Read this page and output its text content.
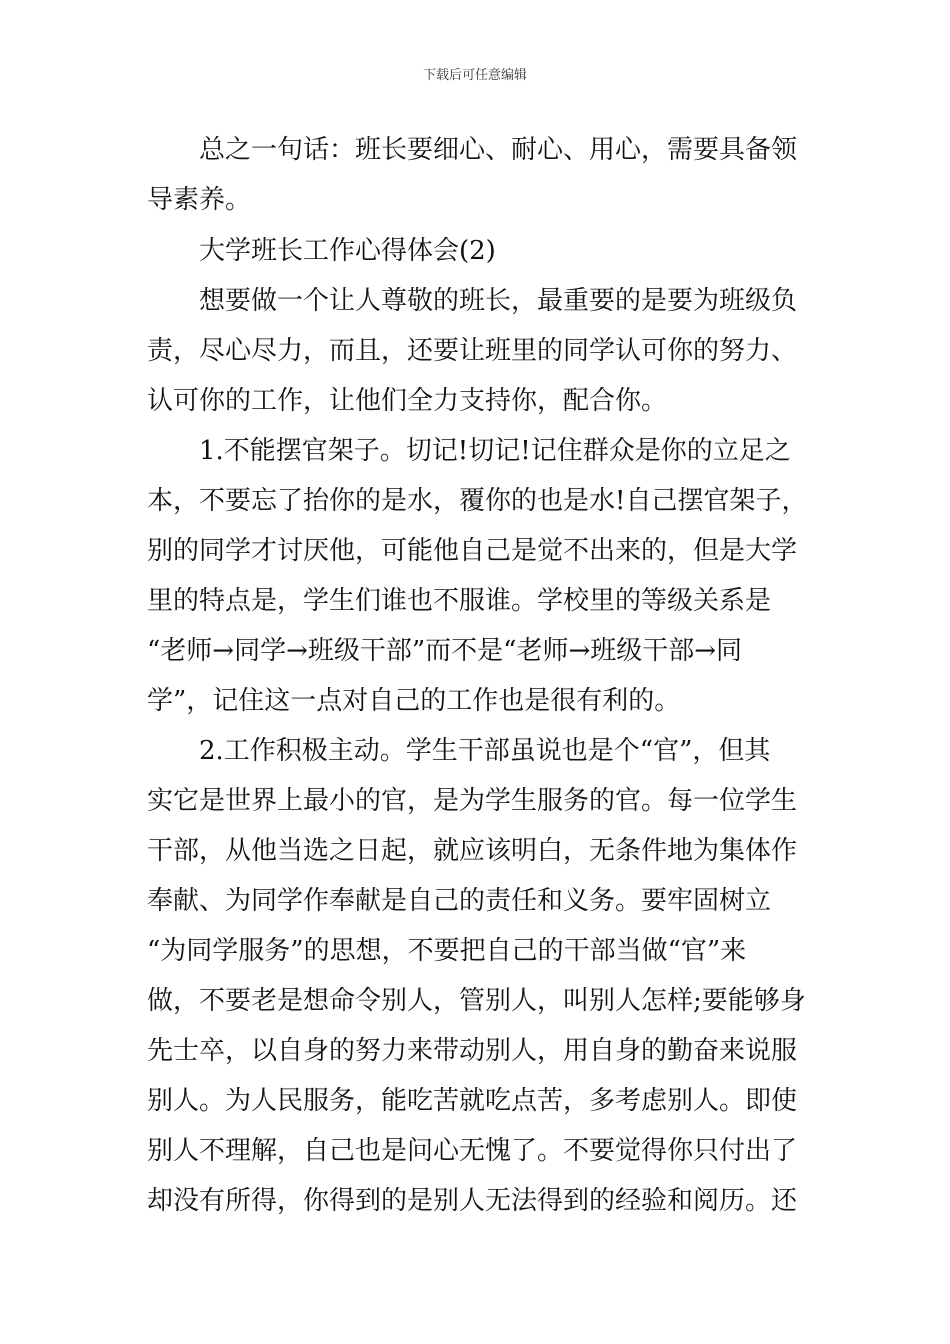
下载后可任意编辑
总之一句话：班长要细心、耐心、用心，需要具备领
导素养。
大学班长工作心得体会(2)
想要做一个让人尊敬的班长，最重要的是要为班级负
责，尽心尽力，而且，还要让班里的同学认可你的努力、
认可你的工作，让他们全力支持你，配合你。
1.不能摆官架子。切记!切记!记住群众是你的立足之
本，不要忘了抬你的是水，覆你的也是水!自己摆官架子，
别的同学才讨厌他，可能他自己是觉不出来的，但是大学
里的特点是，学生们谁也不服谁。学校里的等级关系是
“老师→同学→班级干部”而不是“老师→班级干部→同
学”，记住这一点对自己的工作也是很有利的。
2.工作积极主动。学生干部虽说也是个“官”，但其
实它是世界上最小的官，是为学生服务的官。每一位学生
干部，从他当选之日起，就应该明白，无条件地为集体作
奉献、为同学作奉献是自己的责任和义务。要牢固树立
“为同学服务”的思想，不要把自己的干部当做“官”来
做，不要老是想命令别人，管别人，叫别人怎样;要能够身
先士卒，以自身的努力来带动别人，用自身的勤奋来说服
别人。为人民服务，能吃苦就吃点苦，多考虑别人。即使
别人不理解，自己也是问心无愧了。不要觉得你只付出了
却没有所得，你得到的是别人无法得到的经验和阅历。还
